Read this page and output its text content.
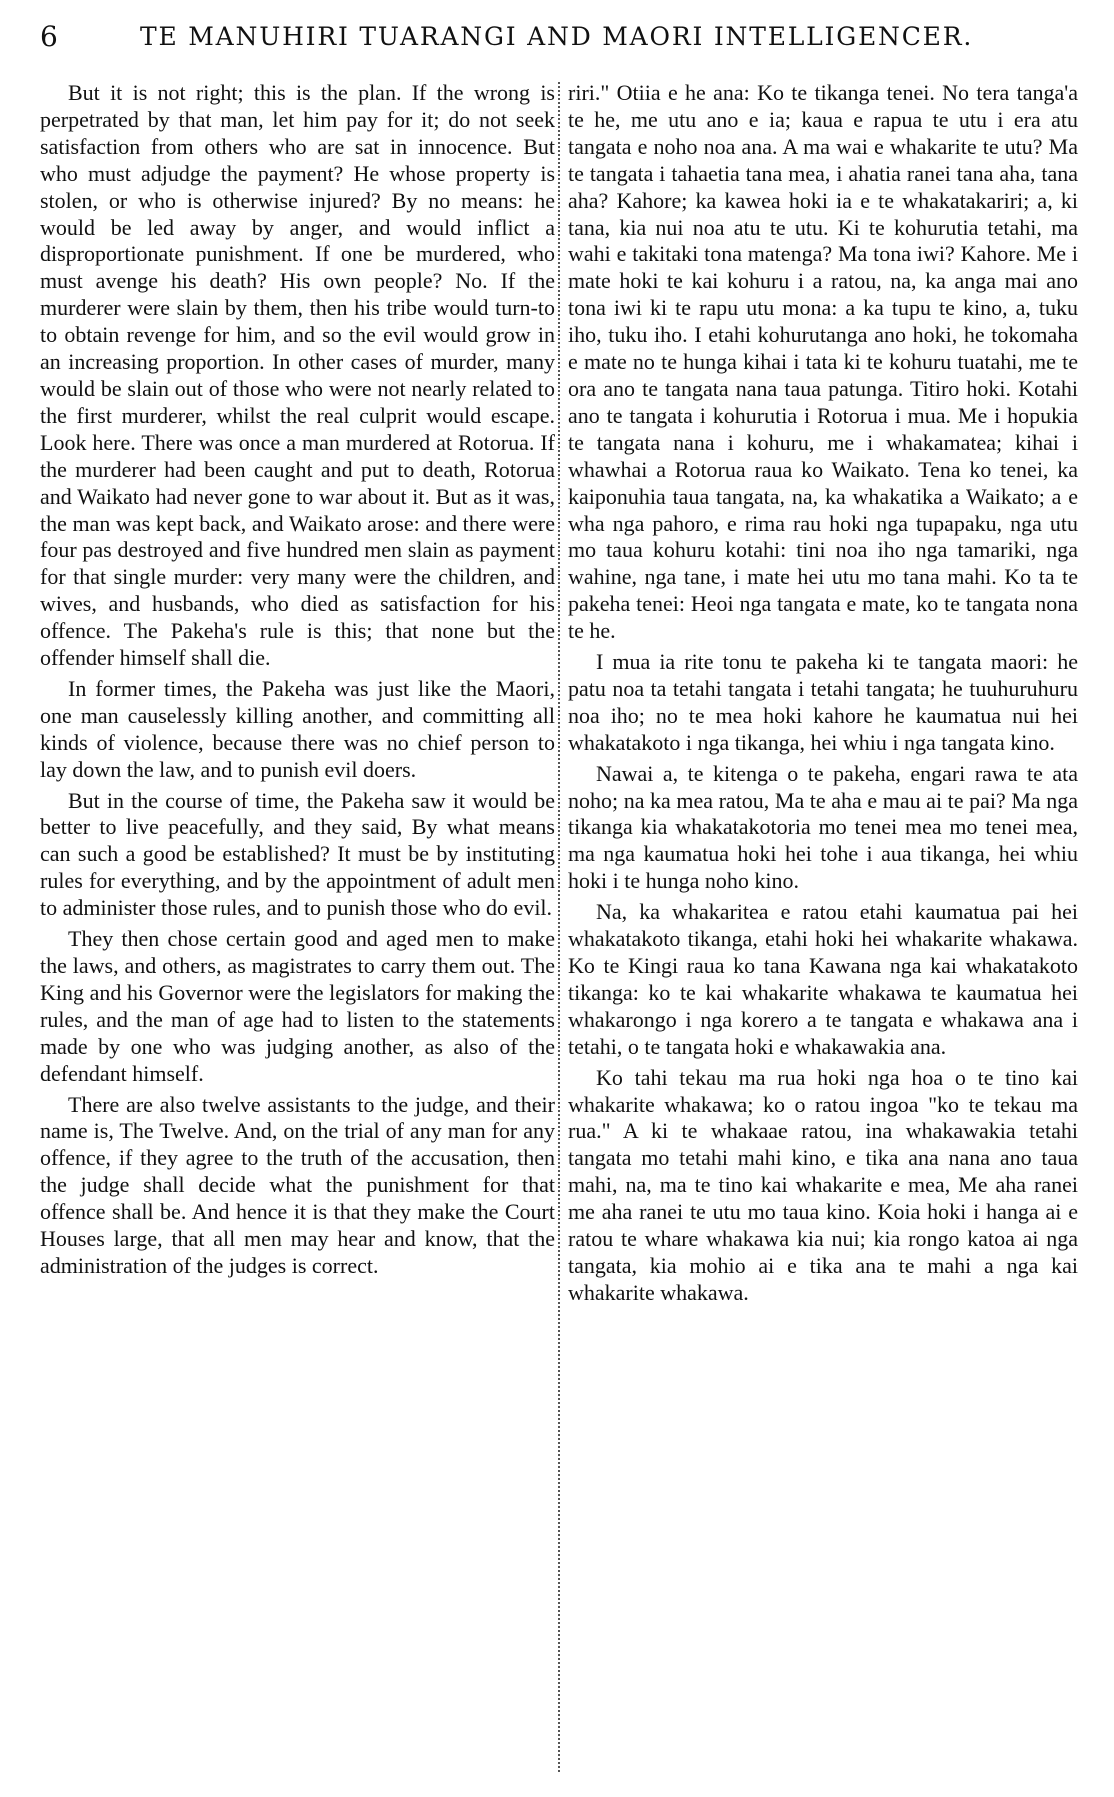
6	TE MANUHIRI TUARANGI AND MAORI INTELLIGENCER.

But it is not right; this is the plan. If the wrong is perpetrated by that man, let him pay for it; do not seek satisfaction from others who are sat in innocence. But who must adjudge the payment? He whose property is stolen, or who is otherwise injured? By no means: he would be led away by anger, and would inflict a disproportionate punishment. If one be murdered, who must avenge his death? His own people? No. If the murderer were slain by them, then his tribe would turn-to to obtain revenge for him, and so the evil would grow in an increasing proportion. In other cases of murder, many would be slain out of those who were not nearly related to the first murderer, whilst the real culprit would escape. Look here. There was once a man murdered at Rotorua. If the murderer had been caught and put to death, Rotorua and Waikato had never gone to war about it. But as it was, the man was kept back, and Waikato arose: and there were four pas destroyed and five hundred men slain as payment for that single murder: very many were the children, and wives, and husbands, who died as satisfaction for his offence. The Pakeha's rule is this; that none but the offender himself shall die.

In former times, the Pakeha was just like the Maori, one man causelessly killing another, and committing all kinds of violence, because there was no chief person to lay down the law, and to punish evil doers.

But in the course of time, the Pakeha saw it would be better to live peacefully, and they said, By what means can such a good be established? It must be by instituting rules for everything, and by the appointment of adult men to administer those rules, and to punish those who do evil.

They then chose certain good and aged men to make the laws, and others, as magistrates to carry them out. The King and his Governor were the legislators for making the rules, and the man of age had to listen to the statements made by one who was judging another, as also of the defendant himself.

There are also twelve assistants to the judge, and their name is, The Twelve. And, on the trial of any man for any offence, if they agree to the truth of the accusation, then the judge shall decide what the punishment for that offence shall be. And hence it is that they make the Court Houses large, that all men may hear and know, that the administration of the judges is correct.

riri." Otiia e he ana: Ko te tikanga tenei. No tera tanga'a te he, me utu ano e ia; kaua e rapua te utu i era atu tangata e noho noa ana. A ma wai e whakarite te utu? Ma te tangata i tahaetia tana mea, i ahatia ranei tana aha, tana aha? Kahore; ka kawea hoki ia e te whakatakariri; a, ki tana, kia nui noa atu te utu. Ki te kohurutia tetahi, ma wahi e takitaki tona matenga? Ma tona iwi? Kahore. Me i mate hoki te kai kohuru i a ratou, na, ka anga mai ano tona iwi ki te rapu utu mona: a ka tupu te kino, a, tuku iho, tuku iho. I etahi kohurutanga ano hoki, he tokomaha e mate no te hunga kihai i tata ki te kohuru tuatahi, me te ora ano te tangata nana taua patunga. Titiro hoki. Kotahi ano te tangata i kohurutia i Rotorua i mua. Me i hopukia te tangata nana i kohuru, me i whakamatea; kihai i whawhai a Rotorua raua ko Waikato. Tena ko tenei, ka kaiponuhia taua tangata, na, ka whakatika a Waikato; a e wha nga pahoro, e rima rau hoki nga tupapaku, nga utu mo taua kohuru kotahi: tini noa iho nga tamariki, nga wahine, nga tane, i mate hei utu mo tana mahi. Ko ta te pakeha tenei: Heoi nga tangata e mate, ko te tangata nona te he.

I mua ia rite tonu te pakeha ki te tangata maori: he patu noa ta tetahi tangata i tetahi tangata; he tuuhuruhuru noa iho; no te mea hoki kahore he kaumatua nui hei whakatakoto i nga tikanga, hei whiu i nga tangata kino.

Nawai a, te kitenga o te pakeha, engari rawa te ata noho; na ka mea ratou, Ma te aha e mau ai te pai? Ma nga tikanga kia whakatakotoria mo tenei mea mo tenei mea, ma nga kaumatua hoki hei tohe i aua tikanga, hei whiu hoki i te hunga noho kino.

Na, ka whakaritea e ratou etahi kaumatua pai hei whakatakoto tikanga, etahi hoki hei whakarite whakawa. Ko te Kingi raua ko tana Kawana nga kai whakatakoto tikanga: ko te kai whakarite whakawa te kaumatua hei whakarongo i nga korero a te tangata e whakawa ana i tetahi, o te tangata hoki e whakawakia ana.

Ko tahi tekau ma rua hoki nga hoa o te tino kai whakarite whakawa; ko o ratou ingoa "ko te tekau ma rua." A ki te whakaae ratou, ina whakawakia tetahi tangata mo tetahi mahi kino, e tika ana nana ano taua mahi, na, ma te tino kai whakarite e mea, Me aha ranei me aha ranei te utu mo taua kino. Koia hoki i hanga ai e ratou te whare whakawa kia nui; kia rongo katoa ai nga tangata, kia mohio ai e tika ana te mahi a nga kai whakarite whakawa.
